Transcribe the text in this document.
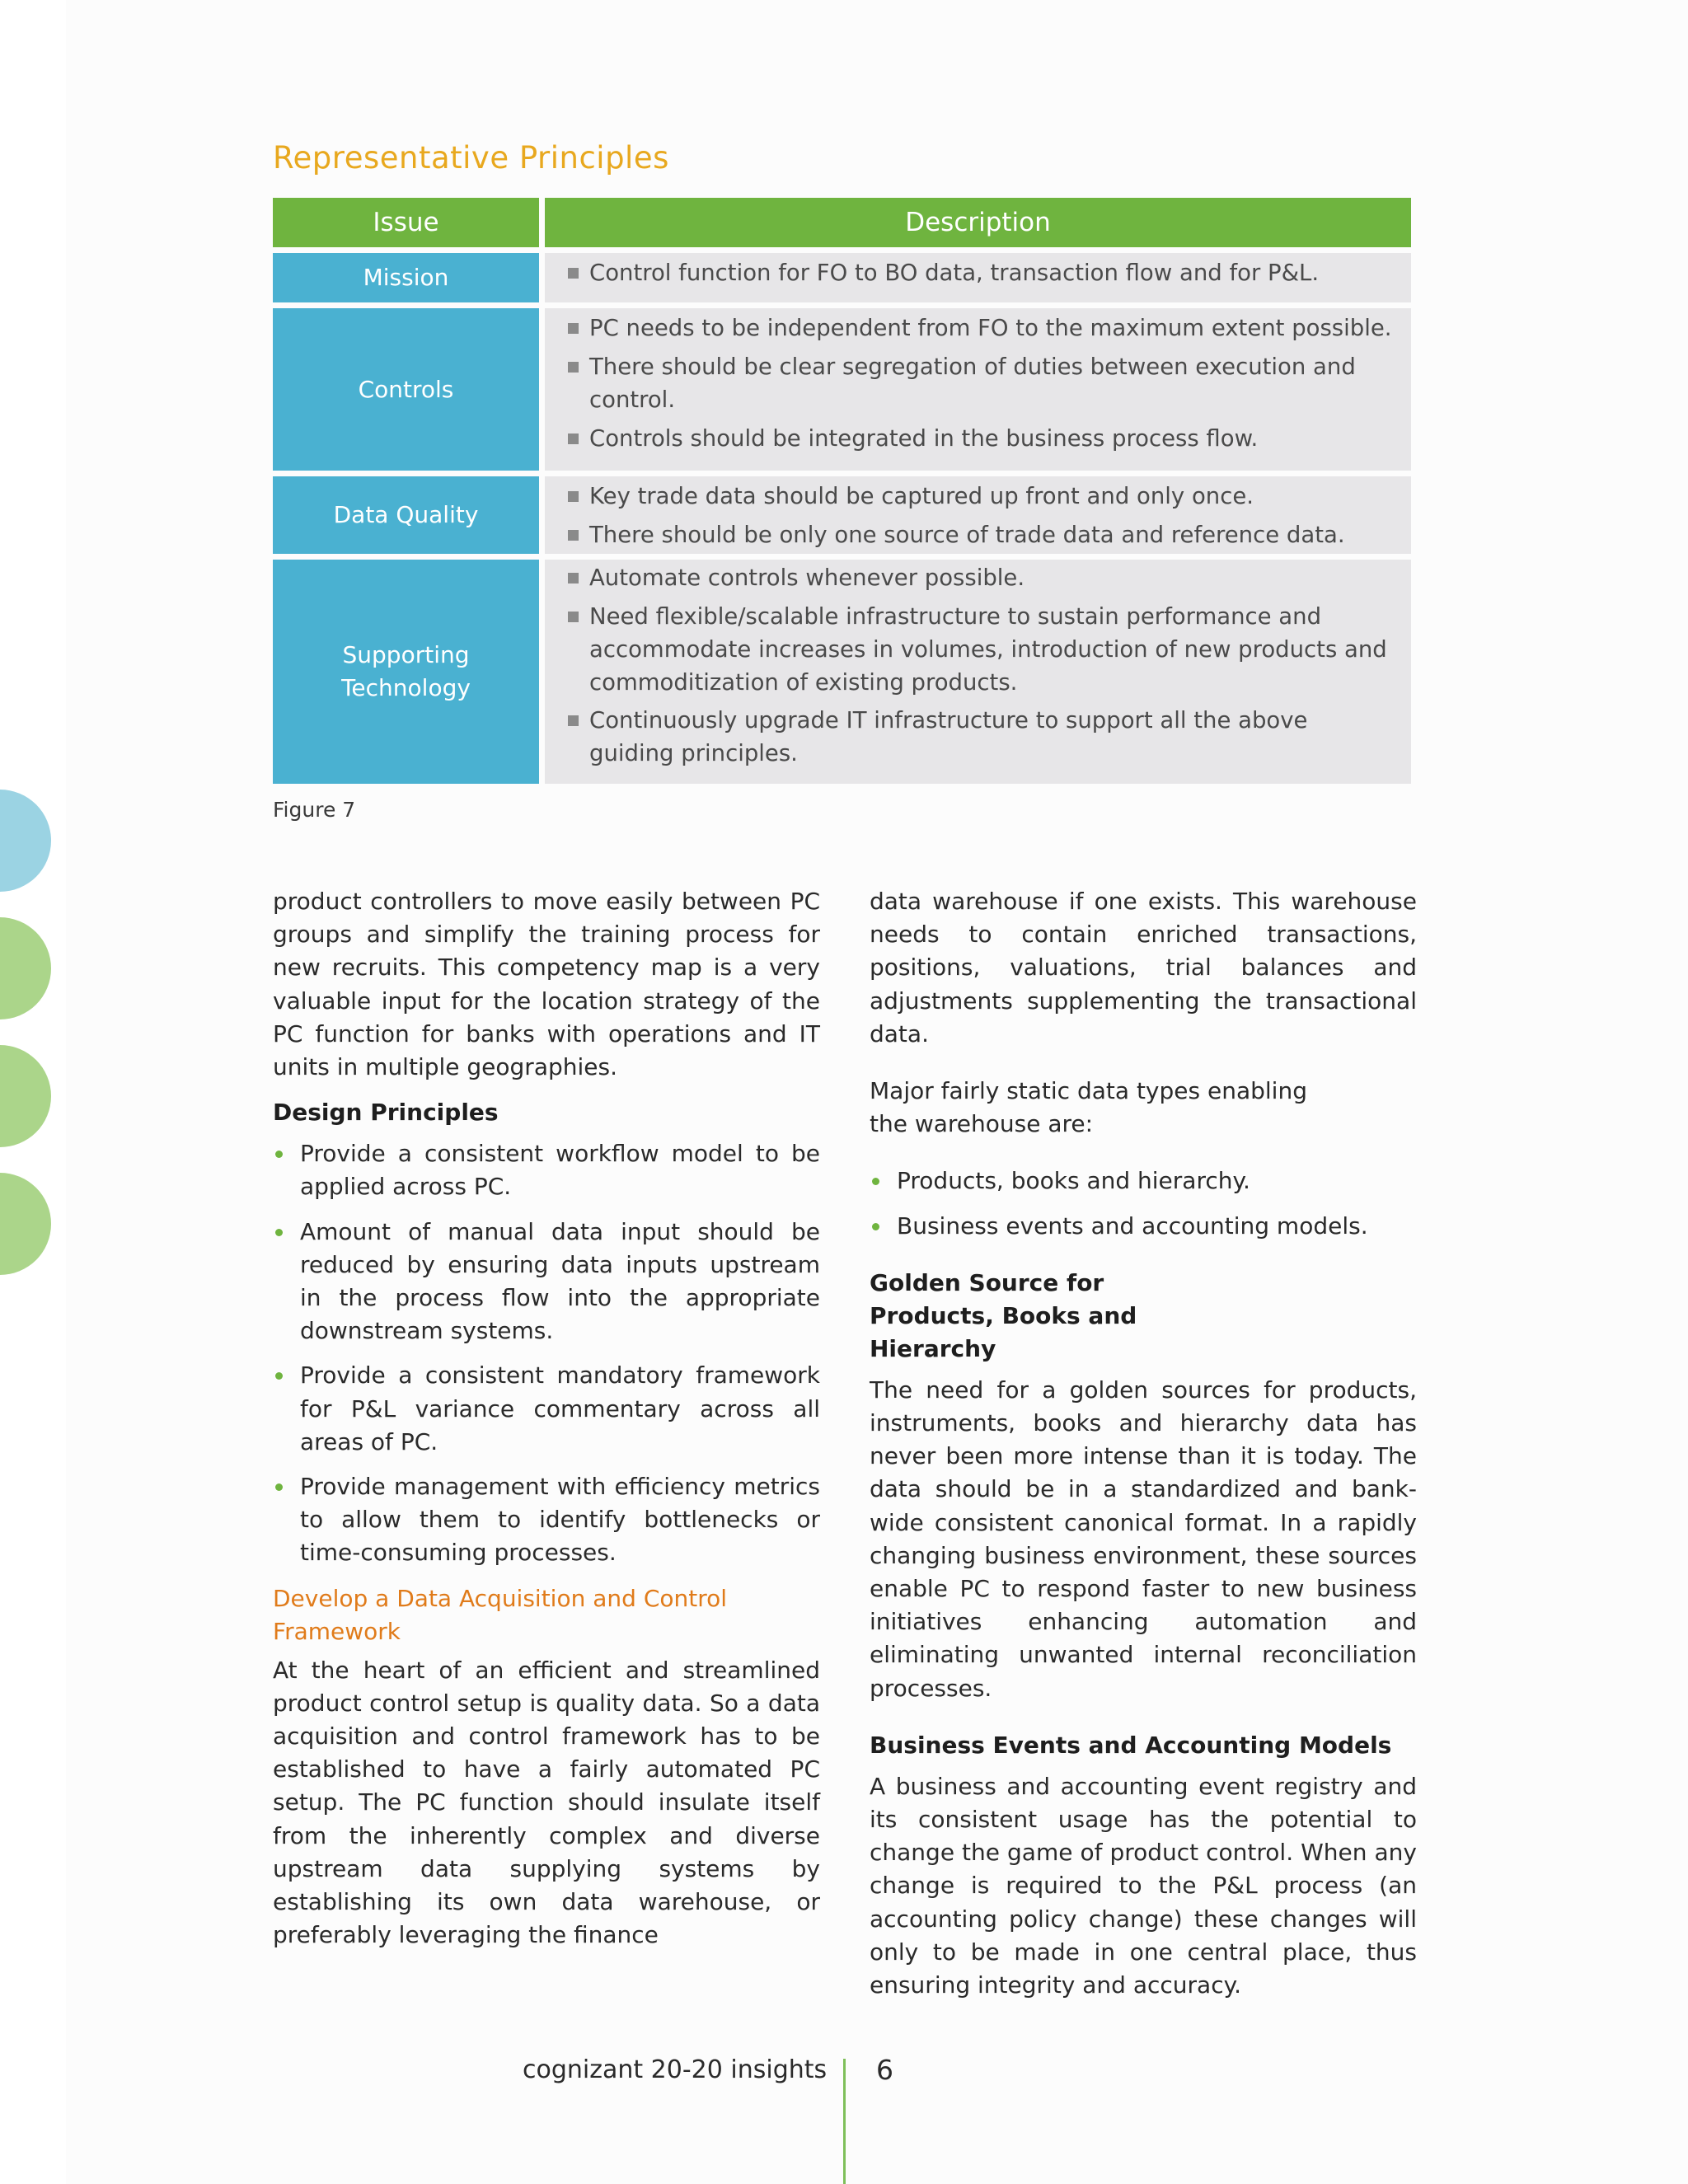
Representative Principles
Issue	Description
Mission	Control function for FO to BO data, transaction flow and for P&L.
Controls
PC needs to be independent from FO to the maximum extent possible.
There should be clear segregation of duties between execution and control.
Controls should be integrated in the business process flow.
Data Quality
Key trade data should be captured up front and only once.
There should be only one source of trade data and reference data.
Supporting Technology
Automate controls whenever possible.
Need flexible/scalable infrastructure to sustain performance and accommodate increases in volumes, introduction of new products and commoditization of existing products.
Continuously upgrade IT infrastructure to support all the above guiding principles.

Figure 7

product controllers to move easily between PC groups and simplify the training process for new recruits. This competency map is a very valuable input for the location strategy of the PC function for banks with operations and IT units in multiple geographies.

Design Principles
Provide a consistent workflow model to be applied across PC.
Amount of manual data input should be reduced by ensuring data inputs upstream in the process flow into the appropriate downstream systems.
Provide a consistent mandatory framework for P&L variance commentary across all areas of PC.
Provide management with efficiency metrics to allow them to identify bottlenecks or time-consuming processes.
Develop a Data Acquisition and Control Framework

At the heart of an efficient and streamlined product control setup is quality data. So a data acquisition and control framework has to be established to have a fairly automated PC setup. The PC function should insulate itself from the inherently complex and diverse upstream data supplying systems by establishing its own data warehouse, or preferably leveraging the finance

data warehouse if one exists. This warehouse needs to contain enriched transactions, positions, valuations, trial balances and adjustments supplementing the transactional data.

Major fairly static data types enabling the warehouse are:

Products, books and hierarchy.
Business events and accounting models.
Golden Source for Products, Books and Hierarchy

The need for a golden sources for products, instruments, books and hierarchy data has never been more intense than it is today. The data should be in a standardized and bank-wide consistent canonical format. In a rapidly changing business environment, these sources enable PC to respond faster to new business initiatives enhancing automation and eliminating unwanted internal reconciliation processes.

Business Events and Accounting Models

A business and accounting event registry and its consistent usage has the potential to change the game of product control. When any change is required to the P&L process (an accounting policy change) these changes will only to be made in one central place, thus ensuring integrity and accuracy.

cognizant 20-20 insights 6
